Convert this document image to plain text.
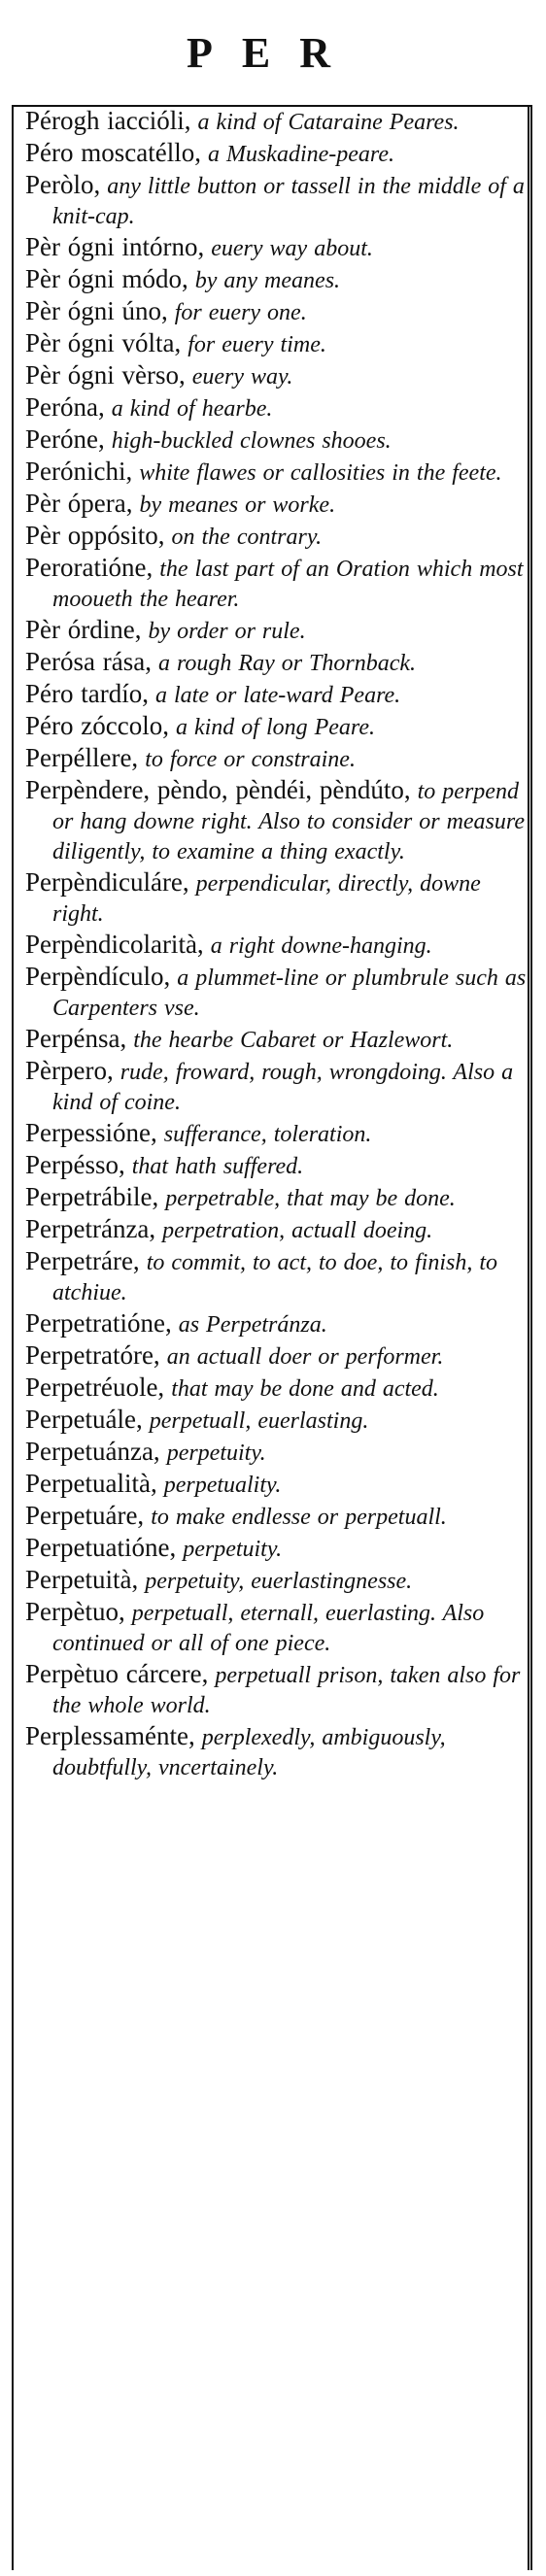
PER
Pérogh iaccióli, a kind of Cataraine Peares.
Péro moscatéllo, a Muskadine-peare.
Peròlo, any little button or tassell in the middle of a knit-cap.
Pèr ógni intórno, euery way about.
Pèr ógni módo, by any meanes.
Pèr ógni úno, for euery one.
Pèr ógni vólta, for euery time.
Pèr ógni vèrso, euery way.
Peróna, a kind of hearbe.
Peróne, high-buckled clownes shooes.
Perónichi, white flawes or callosities in the feete.
Pèr ópera, by meanes or worke.
Pèr oppósito, on the contrary.
Peroratióne, the last part of an Oration which most mooueth the hearer.
Pèr órdine, by order or rule.
Perósa rása, a rough Ray or Thornback.
Péro tardío, a late or late-ward Peare.
Péro zóccolo, a kind of long Peare.
Perpéllere, to force or constraine.
Perpèndere, pèndo, pèndéi, pèndúto, to perpend or hang downe right. Also to consider or measure diligently, to examine a thing exactly.
Perpèndiculáre, perpendicular, directly, downe right.
Perpèndicolarità, a right downe-hanging.
Perpèndículo, a plummet-line or plumbrule such as Carpenters vse.
Perpénsa, the hearbe Cabaret or Hazlewort.
Pèrpero, rude, froward, rough, wrongdoing. Also a kind of coine.
Perpessióne, sufferance, toleration.
Perpésso, that hath suffered.
Perpetrábile, perpetrable, that may be done.
Perpetránza, perpetration, actuall doeing.
Perpetráre, to commit, to act, to doe, to finish, to atchiue.
Perpetratióne, as Perpetránza.
Perpetratóre, an actuall doer or performer.
Perpetréuole, that may be done and acted.
Perpetuále, perpetuall, euerlasting.
Perpetuánza, perpetuity.
Perpetualità, perpetuality.
Perpetuáre, to make endlesse or perpetuall.
Perpetuatióne, perpetuity.
Perpetuità, perpetuity, euerlastingnesse.
Perpètuo, perpetuall, eternall, euerlasting. Also continued or all of one piece.
Perpètuo cárcere, perpetuall prison, taken also for the whole world.
Perplessaménte, perplexedly, ambiguously, doubtfully, vncertainely.
